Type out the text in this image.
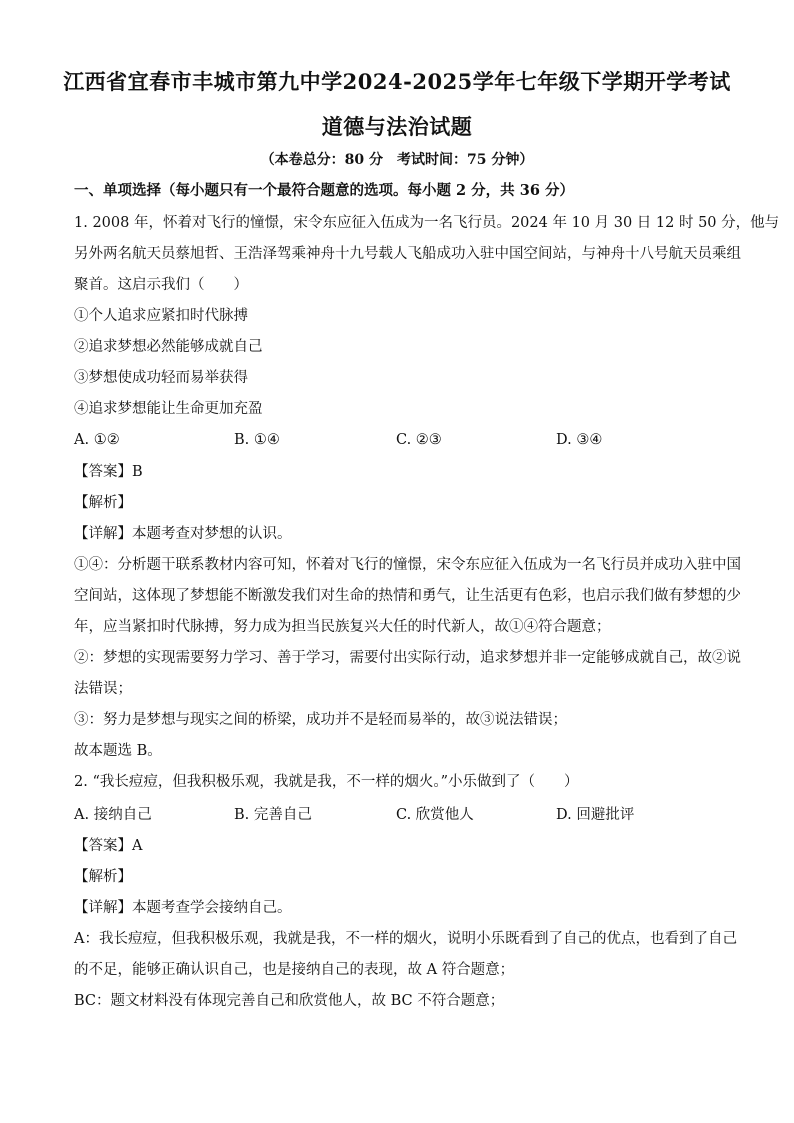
江西省宜春市丰城市第九中学2024-2025学年七年级下学期开学考试
道德与法治试题
（本卷总分：80 分　考试时间：75 分钟）
一、单项选择（每小题只有一个最符合题意的选项。每小题 2 分，共 36 分）
1. 2008 年，怀着对飞行的憧憬，宋令东应征入伍成为一名飞行员。2024 年 10 月 30 日 12 时 50 分，他与
另外两名航天员蔡旭哲、王浩泽驾乘神舟十九号载人飞船成功入驻中国空间站，与神舟十八号航天员乘组
聚首。这启示我们（　　）
①个人追求应紧扣时代脉搏
②追求梦想必然能够成就自己
③梦想使成功轻而易举获得
④追求梦想能让生命更加充盈
A. ①②	B. ①④	C. ②③	D. ③④
【答案】B
【解析】
【详解】本题考查对梦想的认识。
①④：分析题干联系教材内容可知，怀着对飞行的憧憬，宋令东应征入伍成为一名飞行员并成功入驻中国
空间站，这体现了梦想能不断激发我们对生命的热情和勇气，让生活更有色彩，也启示我们做有梦想的少
年，应当紧扣时代脉搏，努力成为担当民族复兴大任的时代新人，故①④符合题意；
②：梦想的实现需要努力学习、善于学习，需要付出实际行动，追求梦想并非一定能够成就自己，故②说
法错误；
③：努力是梦想与现实之间的桥梁，成功并不是轻而易举的，故③说法错误；
故本题选 B。
2. “我长痘痘，但我积极乐观，我就是我，不一样的烟火。”小乐做到了（　　）
A. 接纳自己	B. 完善自己	C. 欣赏他人	D. 回避批评
【答案】A
【解析】
【详解】本题考查学会接纳自己。
A：我长痘痘，但我积极乐观，我就是我，不一样的烟火，说明小乐既看到了自己的优点，也看到了自己
的不足，能够正确认识自己，也是接纳自己的表现，故 A 符合题意；
BC：题文材料没有体现完善自己和欣赏他人，故 BC 不符合题意；
